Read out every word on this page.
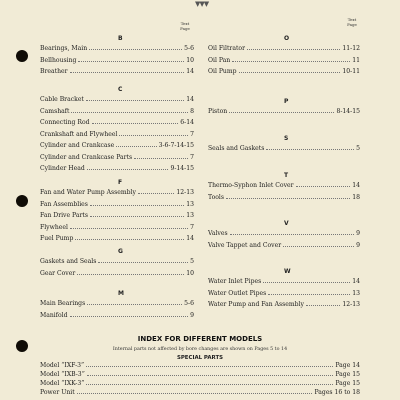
▼▼▼
Text
Page
Text
Page
B
Bearings, Main	5-6
Bellhousing	10
Breather	14
C
Cable Bracket	14
Camshaft	8
Connecting Rod	6-14
Crankshaft and Flywheel	7
Cylinder and Crankcase	3-6-7-14-15
Cylinder and Crankcase Parts	7
Cylinder Head	9-14-15
F
Fan and Water Pump Assembly	12-13
Fan Assemblies	13
Fan Drive Parts	13
Flywheel	7
Fuel Pump	14
G
Gaskets and Seals	5
Gear Cover	10
M
Main Bearings	5-6
Manifold	9
O
Oil Filtrator	11-12
Oil Pan	11
Oil Pump	10-11
P
Piston	8-14-15
S
Seals and Gaskets	5
T
Thermo-Syphon Inlet Cover	14
Tools	18
V
Valves	9
Valve Tappet and Cover	9
W
Water Inlet Pipes	14
Water Outlet Pipes	13
Water Pump and Fan Assembly	12-13
INDEX FOR DIFFERENT MODELS
Internal parts not affected by bore changes are shown on Pages 5 to 14
SPECIAL PARTS
Model “IXF-3”	Page 14
Model “IXB-3”	Page 15
Model “IXK-3”	Page 15
Power Unit	Pages 16 to 18
